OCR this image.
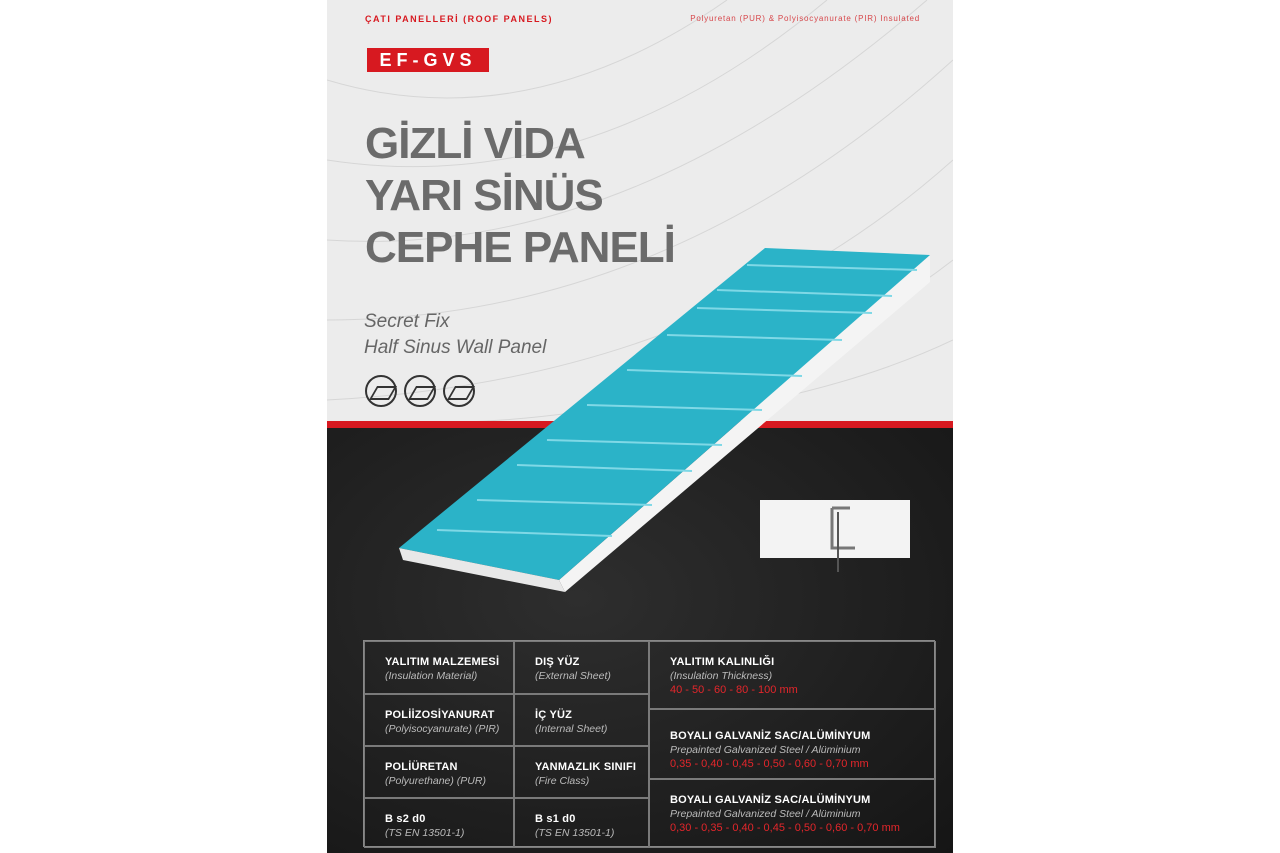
ÇATI PANELLERİ (ROOF PANELS)	Polyuretan (PUR) & Polyisocyanurate (PIR) Insulated
EF-GVS
GİZLİ VİDA
YARI SİNÜS
CEPHE PANELİ
Secret Fix
Half Sinus Wall Panel
YALITIM MALZEMESİ
(Insulation Material)
POLİİZOSİYANURAT
(Polyisocyanurate) (PIR)
POLİÜRETAN
(Polyurethane) (PUR)
B s2 d0
(TS EN 13501-1)
DIŞ YÜZ
(External Sheet)
İÇ YÜZ
(Internal Sheet)
YANMAZLIK SINIFI
(Fire Class)
B s1 d0
(TS EN 13501-1)
YALITIM KALINLIĞI
(Insulation Thickness)
40 - 50 - 60 - 80 - 100 mm
BOYALI GALVANİZ SAC/ALÜMİNYUM
Prepainted Galvanized Steel / Alüminium
0,35 - 0,40 - 0,45 - 0,50 - 0,60 - 0,70 mm
BOYALI GALVANİZ SAC/ALÜMİNYUM
Prepainted Galvanized Steel / Alüminium
0,30 - 0,35 - 0,40 - 0,45 - 0,50 - 0,60 - 0,70 mm
